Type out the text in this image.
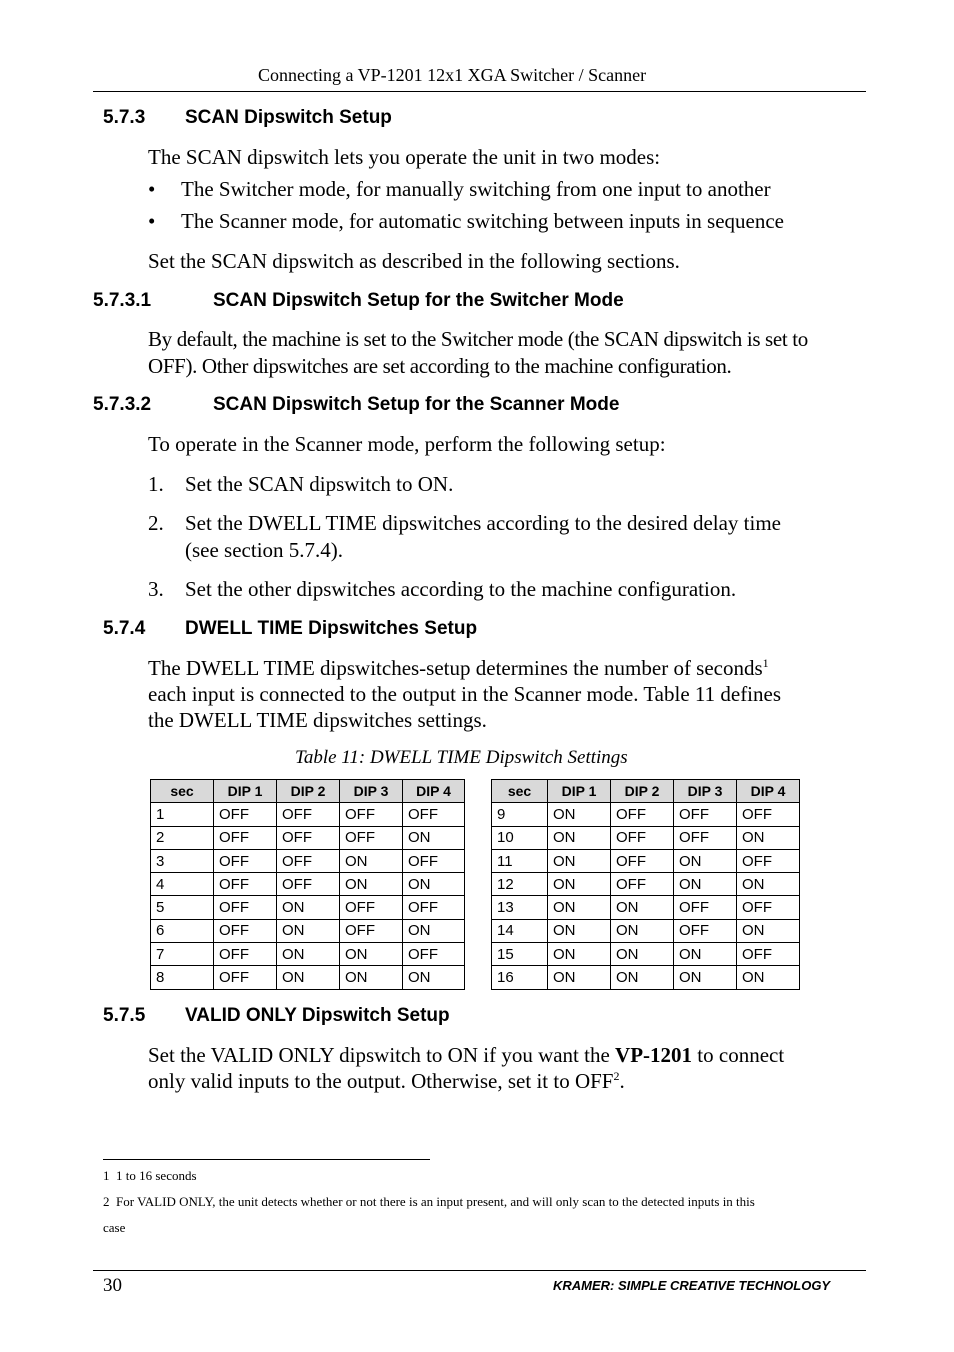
Connecting a VP-1201 12x1 XGA Switcher / Scanner
5.7.3 SCAN Dipswitch Setup
The SCAN dipswitch lets you operate the unit in two modes:
• The Switcher mode, for manually switching from one input to another
• The Scanner mode, for automatic switching between inputs in sequence
Set the SCAN dipswitch as described in the following sections.
5.7.3.1	SCAN Dipswitch Setup for the Switcher Mode
By default, the machine is set to the Switcher mode (the SCAN dipswitch is set to
OFF). Other dipswitches are set according to the machine configuration.
5.7.3.2	SCAN Dipswitch Setup for the Scanner Mode
To operate in the Scanner mode, perform the following setup:
1. Set the SCAN dipswitch to ON.
2. Set the DWELL TIME dipswitches according to the desired delay time
(see section 5.7.4).
3. Set the other dipswitches according to the machine configuration.
5.7.4 DWELL TIME Dipswitches Setup
The DWELL TIME dipswitches-setup determines the number of seconds$^1$
each input is connected to the output in the Scanner mode. Table 11 defines
the DWELL TIME dipswitches settings.
Table 11: DWELL TIME Dipswitch Settings
sec	DIP 1	DIP 2	DIP 3	DIP 4
1	OFF	OFF	OFF	OFF
2	OFF	OFF	OFF	ON
3	OFF	OFF	ON	OFF
4	OFF	OFF	ON	ON
5	OFF	ON	OFF	OFF
6	OFF	ON	OFF	ON
7	OFF	ON	ON	OFF
8	OFF	ON	ON	ON
sec	DIP 1	DIP 2	DIP 3	DIP 4
9	ON	OFF	OFF	OFF
10	ON	OFF	OFF	ON
11	ON	OFF	ON	OFF
12	ON	OFF	ON	ON
13	ON	ON	OFF	OFF
14	ON	ON	OFF	ON
15	ON	ON	ON	OFF
16	ON	ON	ON	ON
5.7.5 VALID ONLY Dipswitch Setup
Set the VALID ONLY dipswitch to ON if you want the VP-1201 to connect
only valid inputs to the output. Otherwise, set it to OFF$^2$.
1 1 to 16 seconds
2 For VALID ONLY, the unit detects whether or not there is an input present, and will only scan to the detected inputs in this
case
30	KRAMER: SIMPLE CREATIVE TECHNOLOGY
